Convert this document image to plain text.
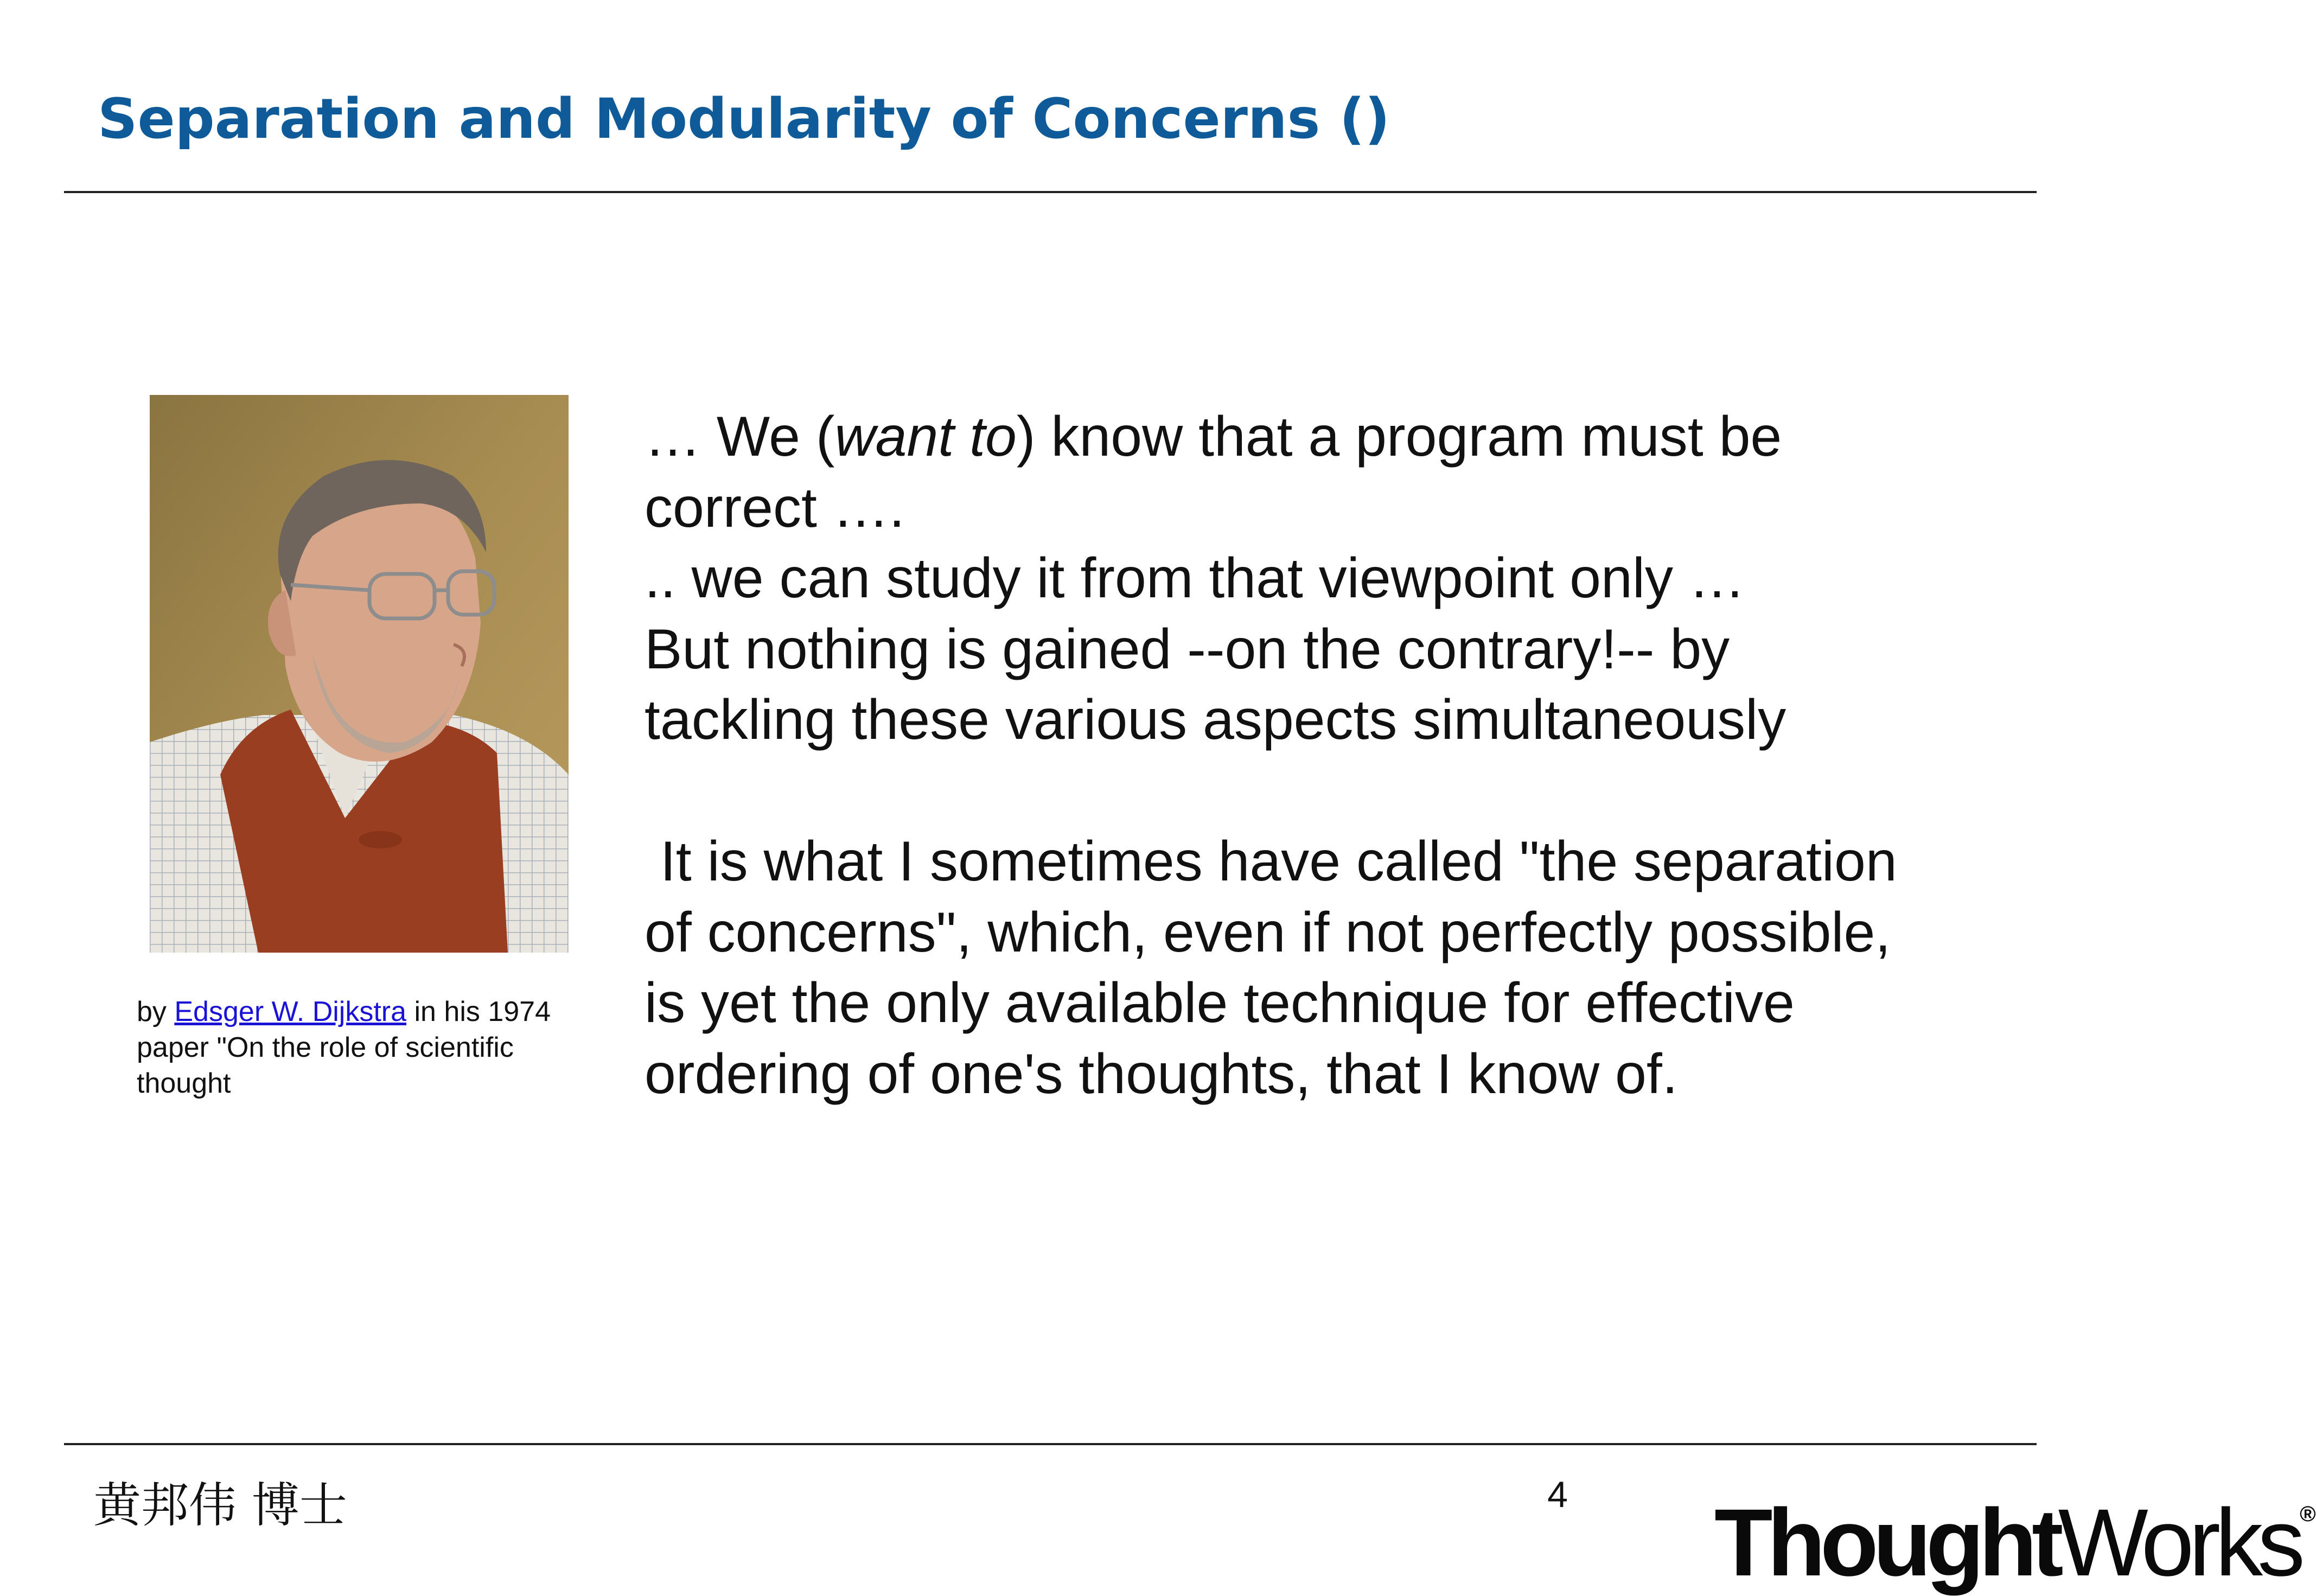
Separation and Modularity of Concerns ()
by Edsger W. Dijkstra in his 1974 paper "On the role of scientific thought

… We (want to) know that a program must be

correct ….

.. we can study it from that viewpoint only …

But nothing is gained --on the contrary!-- by

tackling these various aspects simultaneously

It is what I sometimes have called "the separation

of concerns", which, even if not perfectly possible,

is yet the only available technique for effective

ordering of one's thoughts, that I know of.

黄邦伟 博士	4 ThoughtWorks®
